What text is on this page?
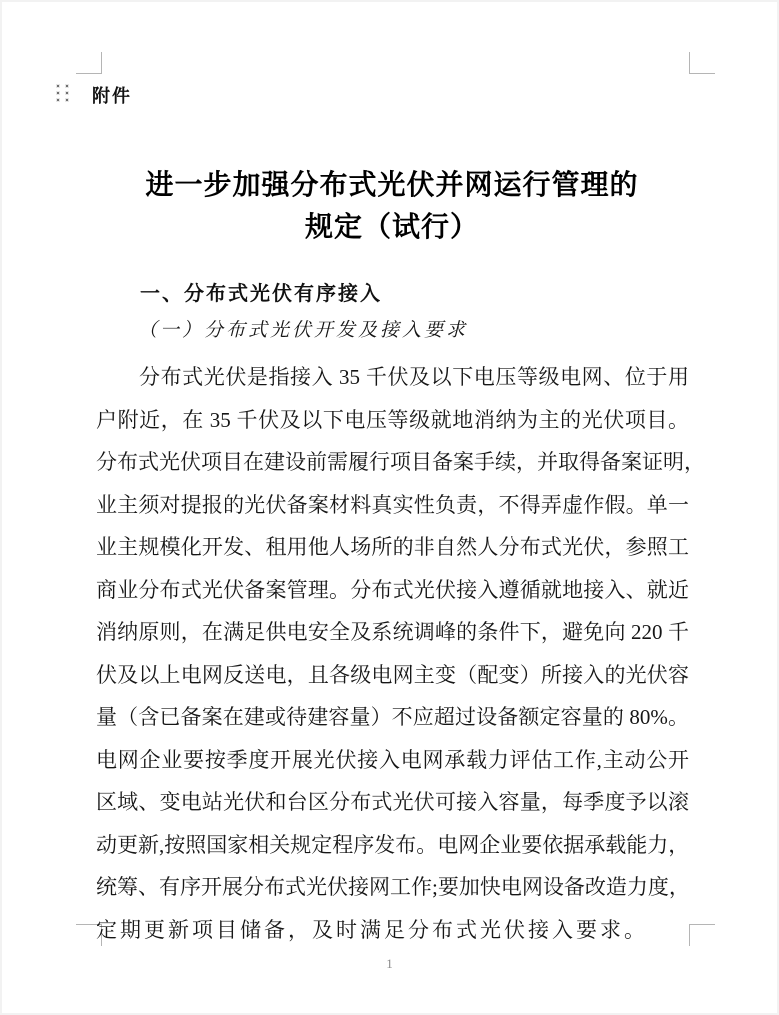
附件
进一步加强分布式光伏并网运行管理的
规定（试行）
一、分布式光伏有序接入
（一）分布式光伏开发及接入要求
分布式光伏是指接入 35 千伏及以下电压等级电网、位于用
户附近，在 35 千伏及以下电压等级就地消纳为主的光伏项目。
分布式光伏项目在建设前需履行项目备案手续，并取得备案证明，
业主须对提报的光伏备案材料真实性负责，不得弄虚作假。单一
业主规模化开发、租用他人场所的非自然人分布式光伏，参照工
商业分布式光伏备案管理。分布式光伏接入遵循就地接入、就近
消纳原则，在满足供电安全及系统调峰的条件下，避免向 220 千
伏及以上电网反送电，且各级电网主变（配变）所接入的光伏容
量（含已备案在建或待建容量）不应超过设备额定容量的 80%。
电网企业要按季度开展光伏接入电网承载力评估工作,主动公开
区域、变电站光伏和台区分布式光伏可接入容量，每季度予以滚
动更新,按照国家相关规定程序发布。电网企业要依据承载能力，
统筹、有序开展分布式光伏接网工作;要加快电网设备改造力度，
定期更新项目储备，及时满足分布式光伏接入要求。
1
